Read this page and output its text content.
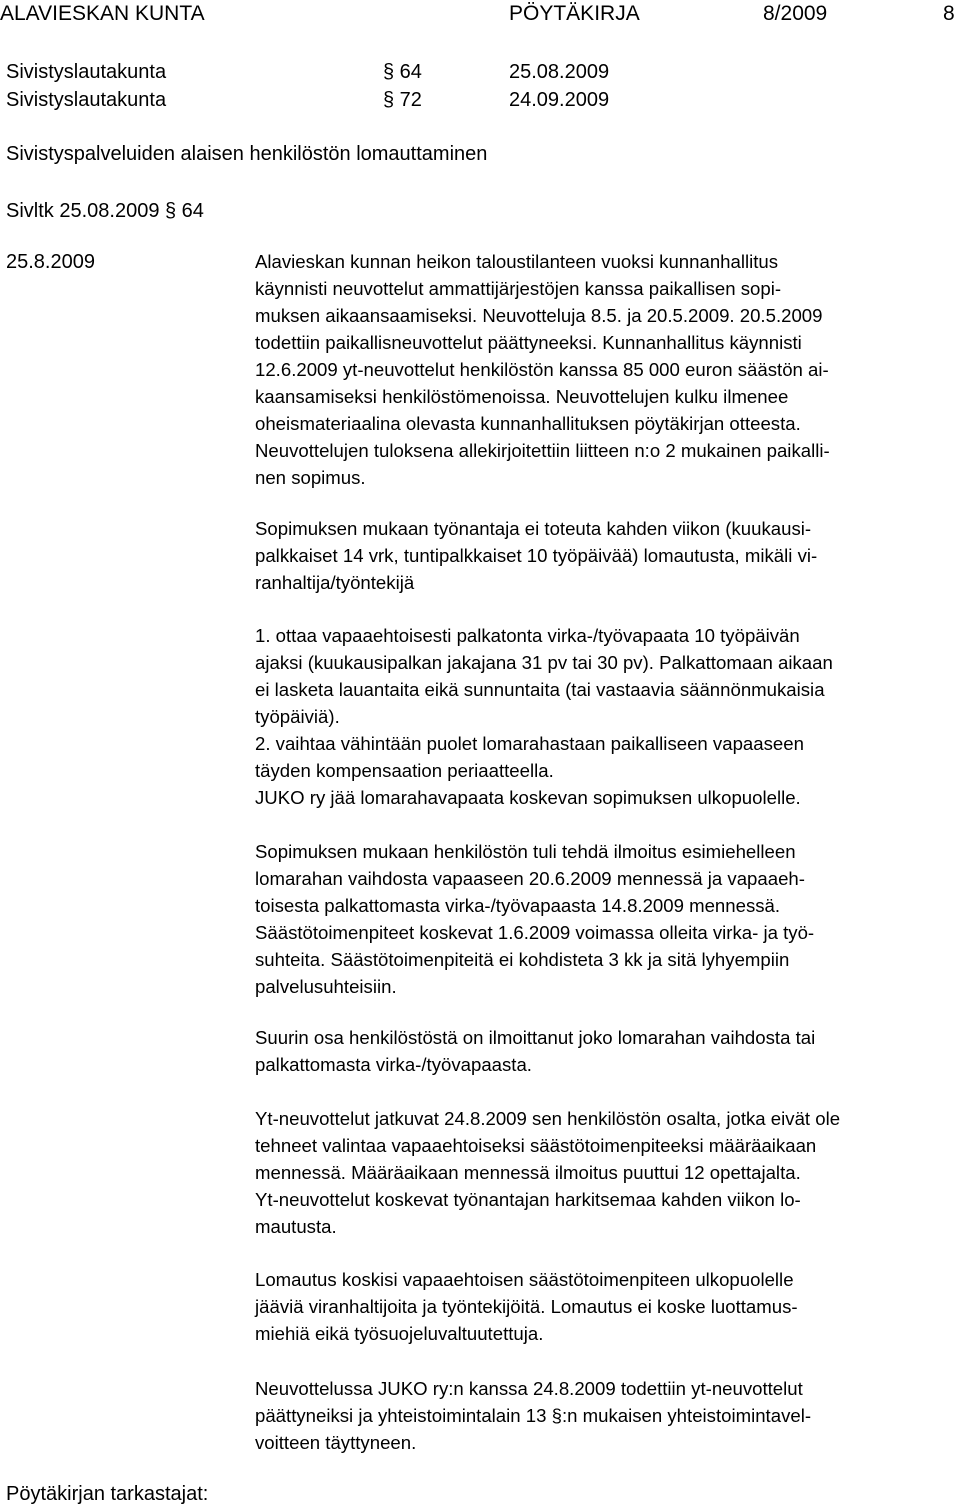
ALAVIESKAN KUNTA	PÖYTÄKIRJA	8/2009	8
Sivistyslautakunta	§ 64	25.08.2009
Sivistyslautakunta	§ 72	24.09.2009
Sivistyspalveluiden alaisen henkilöstön lomauttaminen
Sivltk 25.08.2009 § 64
25.8.2009	Alavieskan kunnan heikon taloustilanteen vuoksi kunnanhallitus
käynnisti neuvottelut ammattijärjestöjen kanssa paikallisen sopi-
muksen aikaansaamiseksi. Neuvotteluja 8.5. ja 20.5.2009. 20.5.2009
todettiin paikallisneuvottelut päättyneeksi. Kunnanhallitus käynnisti
12.6.2009 yt-neuvottelut henkilöstön kanssa 85 000 euron säästön ai-
kaansamiseksi henkilöstömenoissa. Neuvottelujen kulku ilmenee
oheismateriaalina olevasta kunnanhallituksen pöytäkirjan otteesta.
Neuvottelujen tuloksena allekirjoitettiin liitteen n:o 2 mukainen paikalli-
nen sopimus.
Sopimuksen mukaan työnantaja ei toteuta kahden viikon (kuukausi-
palkkaiset 14 vrk, tuntipalkkaiset 10 työpäivää) lomautusta, mikäli vi-
ranhaltija/työntekijä
1. ottaa vapaaehtoisesti palkatonta virka-/työvapaata 10 työpäivän
ajaksi (kuukausipalkan jakajana 31 pv tai 30 pv). Palkattomaan aikaan
ei lasketa lauantaita eikä sunnuntaita (tai vastaavia säännönmukaisia
työpäiviä).
2. vaihtaa vähintään puolet lomarahastaan paikalliseen vapaaseen
täyden kompensaation periaatteella.
JUKO ry jää lomarahavapaata koskevan sopimuksen ulkopuolelle.
Sopimuksen mukaan henkilöstön tuli tehdä ilmoitus esimiehelleen
lomarahan vaihdosta vapaaseen 20.6.2009 mennessä ja vapaaeh-
toisesta palkattomasta virka-/työvapaasta 14.8.2009 mennessä.
Säästötoimenpiteet koskevat 1.6.2009 voimassa olleita virka- ja työ-
suhteita. Säästötoimenpiteitä ei kohdisteta 3 kk ja sitä lyhyempiin
palvelusuhteisiin.
Suurin osa henkilöstöstä on ilmoittanut joko lomarahan vaihdosta tai
palkattomasta virka-/työvapaasta.
Yt-neuvottelut jatkuvat 24.8.2009 sen henkilöstön osalta, jotka eivät ole
tehneet valintaa vapaaehtoiseksi säästötoimenpiteeksi määräaikaan
mennessä. Määräaikaan mennessä ilmoitus puuttui 12 opettajalta.
Yt-neuvottelut koskevat työnantajan harkitsemaa kahden viikon lo-
mautusta.
Lomautus koskisi vapaaehtoisen säästötoimenpiteen ulkopuolelle
jääviä viranhaltijoita ja työntekijöitä. Lomautus ei koske luottamus-
miehiä eikä työsuojeluvaltuutettuja.
Neuvottelussa JUKO ry:n kanssa 24.8.2009 todettiin yt-neuvottelut
päättyneiksi ja yhteistoimintalain 13 §:n mukaisen yhteistoimintavel-
voitteen täyttyneen.
Pöytäkirjan tarkastajat:
